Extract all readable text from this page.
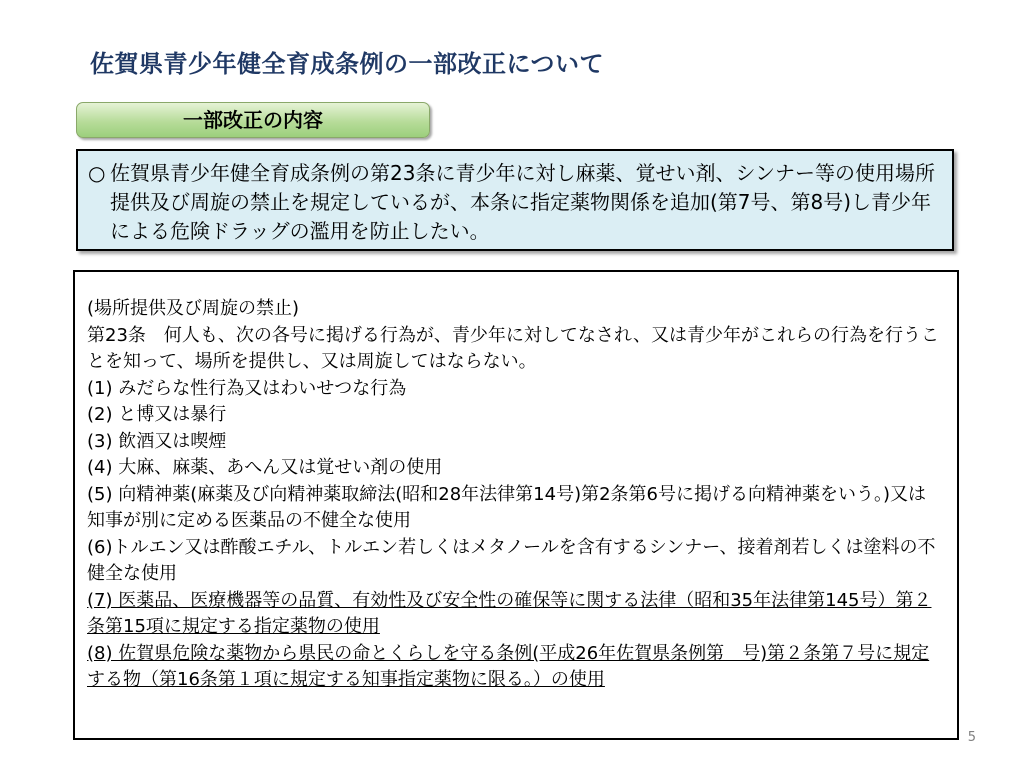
佐賀県青少年健全育成条例の一部改正について
一部改正の内容
○ 佐賀県青少年健全育成条例の第23条に青少年に対し麻薬、覚せい剤、シンナー等の使用場所提供及び周旋の禁止を規定しているが、本条に指定薬物関係を追加(第7号、第8号)し青少年による危険ドラッグの濫用を防止したい。
(場所提供及び周旋の禁止)
第23条　何人も、次の各号に掲げる行為が、青少年に対してなされ、又は青少年がこれらの行為を行うことを知って、場所を提供し、又は周旋してはならない。
(1) みだらな性行為又はわいせつな行為
(2) と博又は暴行
(3) 飲酒又は喫煙
(4) 大麻、麻薬、あへん又は覚せい剤の使用
(5) 向精神薬(麻薬及び向精神薬取締法(昭和28年法律第14号)第2条第6号に掲げる向精神薬をいう。)又は知事が別に定める医薬品の不健全な使用
(6)トルエン又は酢酸エチル、トルエン若しくはメタノールを含有するシンナー、接着剤若しくは塗料の不健全な使用
(7) 医薬品、医療機器等の品質、有効性及び安全性の確保等に関する法律（昭和35年法律第145号）第２条第15項に規定する指定薬物の使用
(8) 佐賀県危険な薬物から県民の命とくらしを守る条例(平成26年佐賀県条例第　号)第２条第７号に規定する物（第16条第１項に規定する知事指定薬物に限る。）の使用
5
